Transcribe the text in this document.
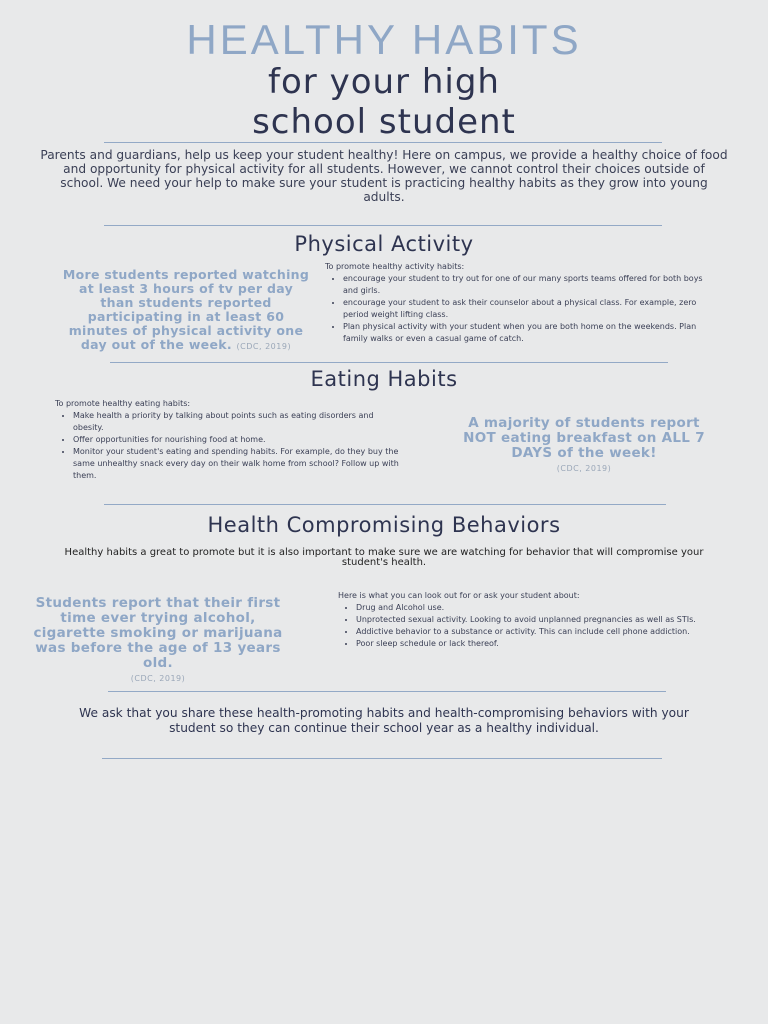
HEALTHY HABITS
for your high
school student
Parents and guardians, help us keep your student healthy! Here on campus, we provide a healthy choice of food and opportunity for physical activity for all students. However, we cannot control their choices outside of school. We need your help to make sure your student is practicing healthy habits as they grow into young adults.
Physical Activity
More students reported watching at least 3 hours of tv per day than students reported participating in at least 60 minutes of physical activity one day out of the week. (CDC, 2019)
To promote healthy activity habits:
• encourage your student to try out for one of our many sports teams offered for both boys and girls.
• encourage your student to ask their counselor about a physical class. For example, zero period weight lifting class.
• Plan physical activity with your student when you are both home on the weekends. Plan family walks or even a casual game of catch.
Eating Habits
To promote healthy eating habits:
• Make health a priority by talking about points such as eating disorders and obesity.
• Offer opportunities for nourishing food at home.
• Monitor your student's eating and spending habits. For example, do they buy the same unhealthy snack every day on their walk home from school? Follow up with them.
A majority of students report NOT eating breakfast on ALL 7 DAYS of the week!
(CDC, 2019)
Health Compromising Behaviors
Healthy habits a great to promote but it is also important to make sure we are watching for behavior that will compromise your student's health.
Students report that their first time ever trying alcohol, cigarette smoking or marijuana was before the age of 13 years old.
(CDC, 2019)
Here is what you can look out for or ask your student about:
• Drug and Alcohol use.
• Unprotected sexual activity. Looking to avoid unplanned pregnancies as well as STIs.
• Addictive behavior to a substance or activity. This can include cell phone addiction.
• Poor sleep schedule or lack thereof.
We ask that you share these health-promoting habits and health-compromising behaviors with your student so they can continue their school year as a healthy individual.
